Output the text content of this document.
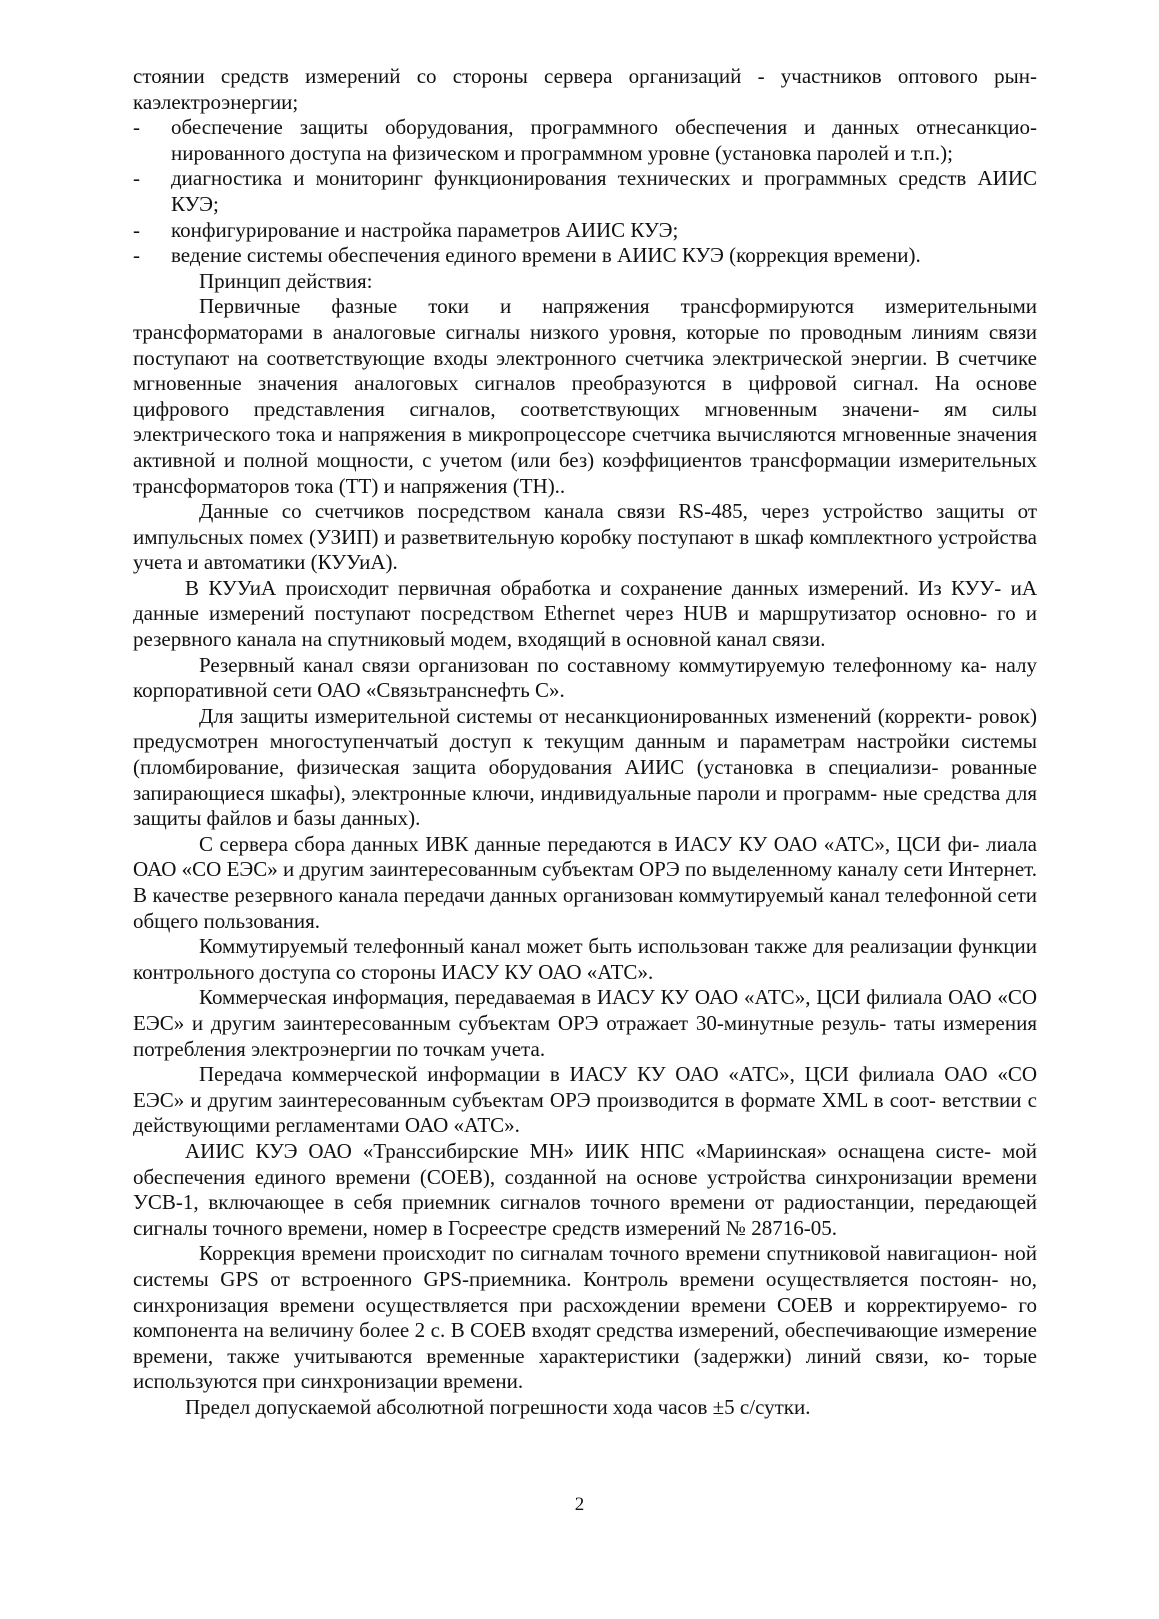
стоянии средств измерений со стороны сервера организаций - участников оптового рын- каэлектроэнергии;

-	обеспечение защиты оборудования, программного обеспечения и данных отнесанкцио- нированного доступа на физическом и программном уровне (установка паролей и т.п.);
-	диагностика и мониторинг функционирования технических и программных средств АИИС КУЭ;
-	конфигурирование и настройка параметров АИИС КУЭ;
-	ведение системы обеспечения единого времени в АИИС КУЭ (коррекция времени).

Принцип действия:

Первичные фазные токи и напряжения трансформируются измерительными трансформаторами в аналоговые сигналы низкого уровня, которые по проводным линиям связи поступают на соответствующие входы электронного счетчика электрической энергии. В счетчике мгновенные значения аналоговых сигналов преобразуются в цифровой сигнал. На основе цифрового представления сигналов, соответствующих мгновенным значени- ям силы электрического тока и напряжения в микропроцессоре счетчика вычисляются мгновенные значения активной и полной мощности, с учетом (или без) коэффициентов трансформации измерительных трансформаторов тока (ТТ) и напряжения (ТН)..

Данные со счетчиков посредством канала связи RS-485, через устройство защиты от импульсных помех (УЗИП) и разветвительную коробку поступают в шкаф комплектного устройства учета и автоматики (КУУиА).

В КУУиА происходит первичная обработка и сохранение данных измерений. Из КУУ- иА данные измерений поступают посредством Ethernet через HUB и маршрутизатор основно- го и резервного канала на спутниковый модем, входящий в основной канал связи.

Резервный канал связи организован по составному коммутируемую телефонному ка- налу корпоративной сети ОАО «Связьтранснефть С».

Для защиты измерительной системы от несанкционированных изменений (корректи- ровок) предусмотрен многоступенчатый доступ к текущим данным и параметрам настройки системы (пломбирование, физическая защита оборудования АИИС (установка в специализи- рованные запирающиеся шкафы), электронные ключи, индивидуальные пароли и программ- ные средства для защиты файлов и базы данных).

С сервера сбора данных ИВК данные передаются в ИАСУ КУ ОАО «АТС», ЦСИ фи- лиала ОАО «СО ЕЭС» и другим заинтересованным субъектам ОРЭ по выделенному каналу сети Интернет. В качестве резервного канала передачи данных организован коммутируемый канал телефонной сети общего пользования.

Коммутируемый телефонный канал может быть использован также для реализации функции контрольного доступа со стороны ИАСУ КУ ОАО «АТС».

Коммерческая информация, передаваемая в ИАСУ КУ ОАО «АТС», ЦСИ филиала ОАО «СО ЕЭС» и другим заинтересованным субъектам ОРЭ отражает 30-минутные резуль- таты измерения потребления электроэнергии по точкам учета.

Передача коммерческой информации в ИАСУ КУ ОАО «АТС», ЦСИ филиала ОАО «СО ЕЭС» и другим заинтересованным субъектам ОРЭ производится в формате XML в соот- ветствии с действующими регламентами ОАО «АТС».

АИИС КУЭ ОАО «Транссибирские МН» ИИК НПС «Мариинская» оснащена систе- мой обеспечения единого времени (СОЕВ), созданной на основе устройства синхронизации времени УСВ-1, включающее в себя приемник сигналов точного времени от радиостанции, передающей сигналы точного времени, номер в Госреестре средств измерений № 28716-05.

Коррекция времени происходит по сигналам точного времени спутниковой навигацион- ной системы GPS от встроенного GPS-приемника. Контроль времени осуществляется постоян- но, синхронизация времени осуществляется при расхождении времени СОЕВ и корректируемо- го компонента на величину более 2 с. В СОЕВ входят средства измерений, обеспечивающие измерение времени, также учитываются временные характеристики (задержки) линий связи, ко- торые используются при синхронизации времени.

Предел допускаемой абсолютной погрешности хода часов ±5 с/сутки.

2
